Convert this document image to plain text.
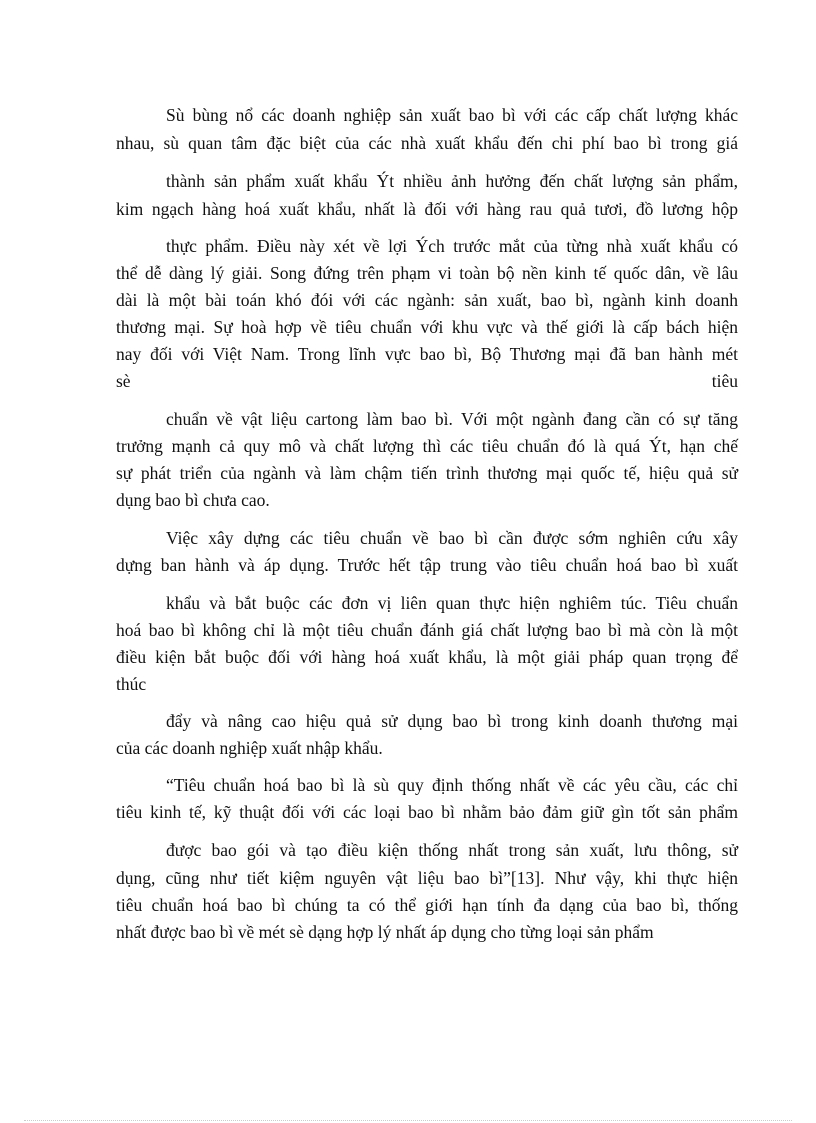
Sù bùng nổ các doanh nghiệp sản xuất bao bì với các cấp chất lượng khác
nhau, sù quan tâm đặc biệt của các nhà xuất khẩu đến chi phí bao bì trong giá
thành sản phẩm xuất khẩu Ýt nhiều ảnh hưởng đến chất lượng sản phẩm,
kim ngạch hàng hoá xuất khẩu, nhất là đối với hàng rau quả tươi, đồ lương hộp
thực phẩm. Điều này xét về lợi Ých trước mắt của từng nhà xuất khẩu có
thể dễ dàng lý giải. Song đứng trên phạm vi toàn bộ nền kinh tế quốc dân, về lâu
dài là một bài toán khó đói với các ngành: sản xuất, bao bì, ngành kinh doanh
thương mại. Sự hoà hợp về tiêu chuẩn với khu vực và thế giới là cấp bách hiện
nay đối với Việt Nam. Trong lĩnh vực bao bì, Bộ Thương mại đã ban hành mét
sè tiêu
chuẩn về vật liệu cartong làm bao bì. Với một ngành đang cần có sự tăng
trưởng mạnh cả quy mô và chất lượng thì các tiêu chuẩn đó là quá Ýt, hạn chế
sự phát triển của ngành và làm chậm tiến trình thương mại quốc tế, hiệu quả sử
dụng bao bì chưa cao.
Việc xây dựng các tiêu chuẩn về bao bì cần được sớm nghiên cứu xây
dựng ban hành và áp dụng. Trước hết tập trung vào tiêu chuẩn hoá bao bì xuất
khẩu và bắt buộc các đơn vị liên quan thực hiện nghiêm túc. Tiêu chuẩn
hoá bao bì không chỉ là một tiêu chuẩn đánh giá chất lượng bao bì mà còn là một
điều kiện bắt buộc đối với hàng hoá xuất khẩu, là một giải pháp quan trọng để
thúc
đẩy và nâng cao hiệu quả sử dụng bao bì trong kinh doanh thương mại
của các doanh nghiệp xuất nhập khẩu.
“Tiêu chuẩn hoá bao bì là sù quy định thống nhất về các yêu cầu, các chỉ
tiêu kinh tế, kỹ thuật đối với các loại bao bì nhằm bảo đảm giữ gìn tốt sản phẩm
được bao gói và tạo điều kiện thống nhất trong sản xuất, lưu thông, sử
dụng, cũng như tiết kiệm nguyên vật liệu bao bì”[13]. Như vậy, khi thực hiện
tiêu chuẩn hoá bao bì chúng ta có thể giới hạn tính đa dạng của bao bì, thống
nhất được bao bì về mét sè dạng hợp lý nhất áp dụng cho từng loại sản phẩm
